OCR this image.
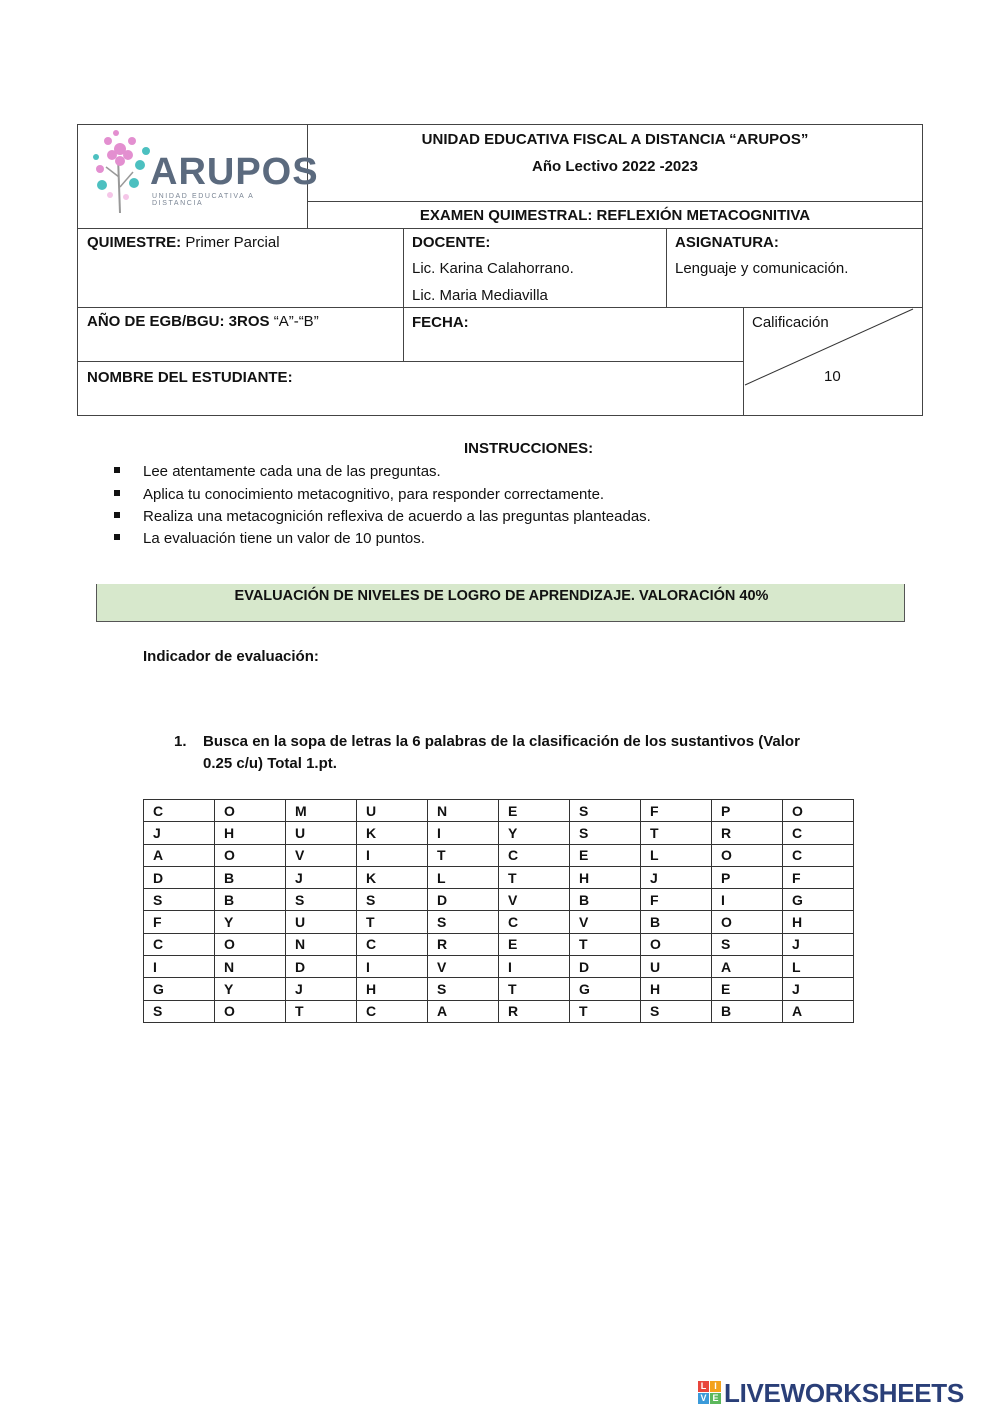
ARUPOS
UNIDAD EDUCATIVA A DISTANCIA
UNIDAD EDUCATIVA FISCAL A DISTANCIA “ARUPOS”
Año Lectivo 2022 -2023
EXAMEN QUIMESTRAL: REFLEXIÓN METACOGNITIVA
QUIMESTRE: Primer Parcial	DOCENTE:
Lic. Karina Calahorrano.
Lic. Maria Mediavilla
ASIGNATURA:
Lenguaje y comunicación.
AÑO DE EGB/BGU: 3ROS “A”-“B”	FECHA:	Calificación
10
NOMBRE DEL ESTUDIANTE:
INSTRUCCIONES:
Lee atentamente cada una de las preguntas.
Aplica tu conocimiento metacognitivo, para responder correctamente.
Realiza una metacognición reflexiva de acuerdo a las preguntas planteadas.
La evaluación tiene un valor de 10 puntos.
EVALUACIÓN DE NIVELES DE LOGRO DE APRENDIZAJE. VALORACIÓN 40%
Indicador de evaluación:
1. Busca en la sopa de letras la 6 palabras de la clasificación de los sustantivos (Valor
0.25 c/u) Total 1.pt.
C	O	M	U	N	E	S	F	P	O
J	H	U	K	I	Y	S	T	R	C
A	O	V	I	T	C	E	L	O	C
D	B	J	K	L	T	H	J	P	F
S	B	S	S	D	V	B	F	I	G
F	Y	U	T	S	C	V	B	O	H
C	O	N	C	R	E	T	O	S	J
I	N	D	I	V	I	D	U	A	L
G	Y	J	H	S	T	G	H	E	J
S	O	T	C	A	R	T	S	B	A
L I
V E LIVEWORKSHEETS
